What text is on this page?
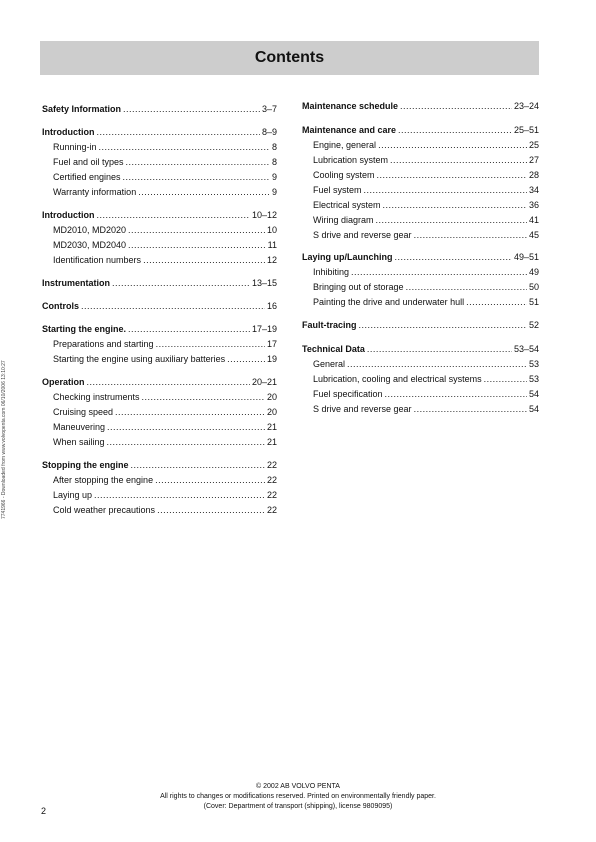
Contents
Safety Information .....	3–7
Introduction .....	8–9
Running-in .....	8
Fuel and oil types .....	8
Certified engines .....	9
Warranty information .....	9
Introduction .....	10–12
MD2010, MD2020 .....	10
MD2030, MD2040 .....	11
Identification numbers .....	12
Instrumentation .....	13–15
Controls .....	16
Starting the engine. .....	17–19
Preparations and starting .....	17
Starting the engine using auxiliary batteries .....	19
Operation .....	20–21
Checking instruments .....	20
Cruising speed .....	20
Maneuvering .....	21
When sailing .....	21
Stopping the engine .....	22
After stopping the engine .....	22
Laying up .....	22
Cold weather precautions .....	22
Maintenance schedule .....	23–24
Maintenance and care .....	25–51
Engine, general .....	25
Lubrication system .....	27
Cooling system .....	28
Fuel system .....	34
Electrical system .....	36
Wiring diagram .....	41
S drive and reverse gear .....	45
Laying up/Launching .....	49–51
Inhibiting .....	49
Bringing out of storage .....	50
Painting the drive and underwater hull .....	51
Fault-tracing .....	52
Technical Data .....	53–54
General .....	53
Lubrication, cooling and electrical systems .....	53
Fuel specification .....	54
S drive and reverse gear .....	54
7741966 - Downloaded from www.volvopenta.com 06/10/2006 13:10:27
© 2002 AB VOLVO PENTA
All rights to changes or modifications reserved. Printed on environmentally friendly paper.
(Cover: Department of transport (shipping), license 9809095)
2
